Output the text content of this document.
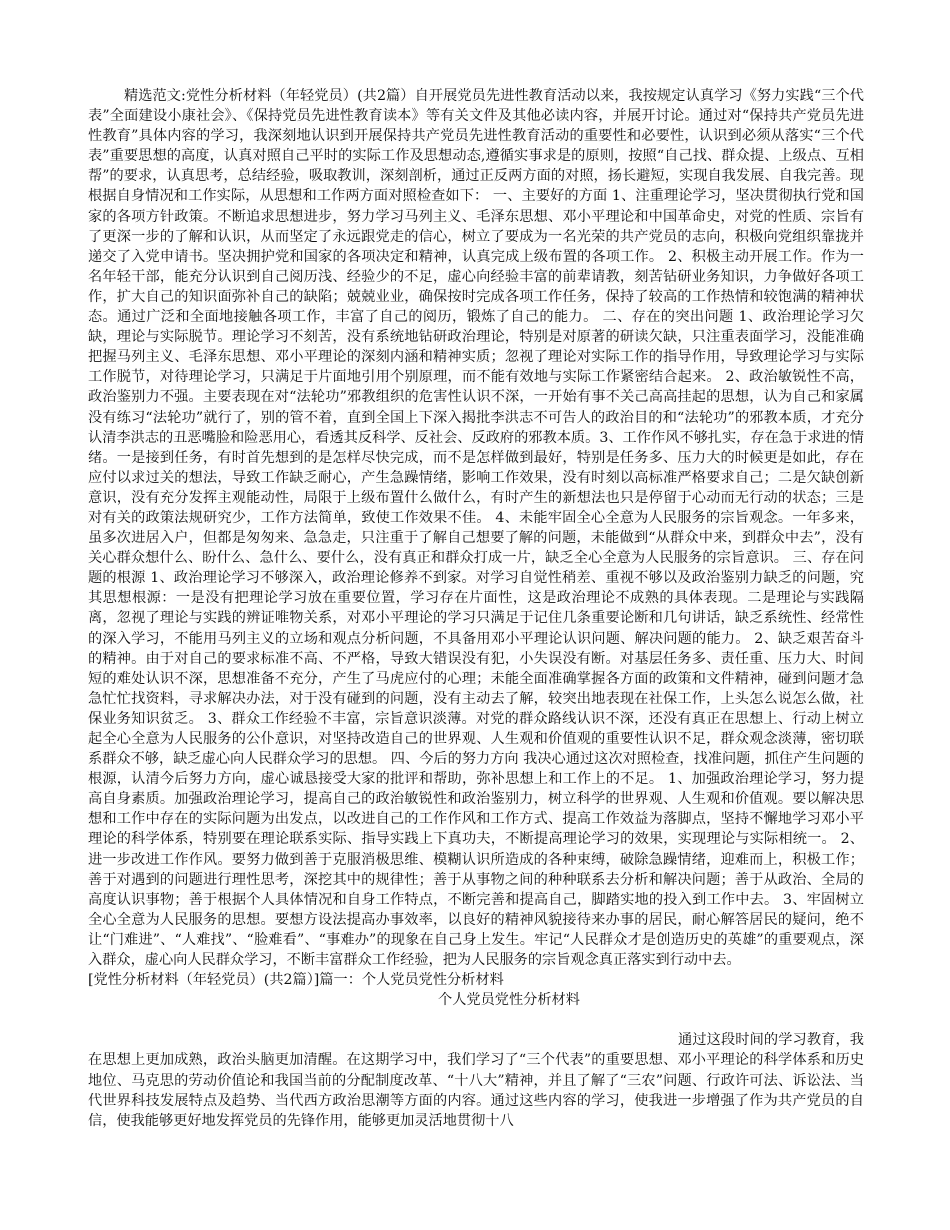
精选范文:党性分析材料（年轻党员）(共2篇）自开展党员先进性教育活动以来，我按规定认真学习《努力实践“三个代表”全面建设小康社会》、《保持党员先进性教育读本》等有关文件及其他必读内容，并展开讨论。通过对“保持共产党员先进性教育”具体内容的学习，我深刻地认识到开展保持共产党员先进性教育活动的重要性和必要性，认识到必须从落实“三个代表”重要思想的高度，认真对照自己平时的实际工作及思想动态,遵循实事求是的原则，按照“自己找、群众提、上级点、互相帮”的要求，认真思考，总结经验，吸取教训，深刻剖析，通过正反两方面的对照，扬长避短，实现自我发展、自我完善。现根据自身情况和工作实际，从思想和工作两方面对照检查如下： 一、主要好的方面 1、注重理论学习，坚决贯彻执行党和国家的各项方针政策。不断追求思想进步，努力学习马列主义、毛泽东思想、邓小平理论和中国革命史，对党的性质、宗旨有了更深一步的了解和认识，从而坚定了永远跟党走的信心，树立了要成为一名光荣的共产党员的志向，积极向党组织靠拢并递交了入党申请书。坚决拥护党和国家的各项决定和精神，认真完成上级布置的各项工作。 2、积极主动开展工作。作为一名年轻干部，能充分认识到自己阅历浅、经验少的不足，虚心向经验丰富的前辈请教，刻苦钻研业务知识，力争做好各项工作，扩大自己的知识面弥补自己的缺陷；兢兢业业，确保按时完成各项工作任务，保持了较高的工作热情和较饱满的精神状态。通过广泛和全面地接触各项工作，丰富了自己的阅历，锻炼了自己的能力。 二、存在的突出问题 1、政治理论学习欠缺，理论与实际脱节。理论学习不刻苦，没有系统地钻研政治理论，特别是对原著的研读欠缺，只注重表面学习，没能准确把握马列主义、毛泽东思想、邓小平理论的深刻内涵和精神实质；忽视了理论对实际工作的指导作用，导致理论学习与实际工作脱节，对待理论学习，只满足于片面地引用个别原理，而不能有效地与实际工作紧密结合起来。 2、政治敏锐性不高，政治鉴别力不强。主要表现在对“法轮功”邪教组织的危害性认识不深，一开始有事不关己高高挂起的思想，认为自己和家属没有练习“法轮功”就行了，别的管不着，直到全国上下深入揭批李洪志不可告人的政治目的和“法轮功”的邪教本质，才充分认清李洪志的丑恶嘴脸和险恶用心，看透其反科学、反社会、反政府的邪教本质。3、工作作风不够扎实，存在急于求进的情绪。一是接到任务，有时首先想到的是怎样尽快完成，而不是怎样做到最好，特别是任务多、压力大的时候更是如此，存在应付以求过关的想法，导致工作缺乏耐心，产生急躁情绪，影响工作效果，没有时刻以高标准严格要求自己；二是欠缺创新意识，没有充分发挥主观能动性，局限于上级布置什么做什么，有时产生的新想法也只是停留于心动而无行动的状态；三是对有关的政策法规研究少，工作方法简单，致使工作效果不佳。 4、未能牢固全心全意为人民服务的宗旨观念。一年多来，虽多次进居入户，但都是匆匆来、急急走，只注重于了解自己想要了解的问题，未能做到“从群众中来，到群众中去”，没有关心群众想什么、盼什么、急什么、要什么，没有真正和群众打成一片，缺乏全心全意为人民服务的宗旨意识。 三、存在问题的根源 1、政治理论学习不够深入，政治理论修养不到家。对学习自觉性稍差、重视不够以及政治鉴别力缺乏的问题，究其思想根源：一是没有把理论学习放在重要位置，学习存在片面性，这是政治理论不成熟的具体表现。二是理论与实践隔离，忽视了理论与实践的辨证唯物关系，对邓小平理论的学习只满足于记住几条重要论断和几句讲话，缺乏系统性、经常性的深入学习，不能用马列主义的立场和观点分析问题，不具备用邓小平理论认识问题、解决问题的能力。 2、缺乏艰苦奋斗的精神。由于对自己的要求标准不高、不严格，导致大错误没有犯，小失误没有断。对基层任务多、责任重、压力大、时间短的难处认识不深，思想准备不充分，产生了马虎应付的心理；未能全面准确掌握各方面的政策和文件精神，碰到问题才急急忙忙找资料，寻求解决办法，对于没有碰到的问题，没有主动去了解，较突出地表现在社保工作，上头怎么说怎么做，社保业务知识贫乏。 3、群众工作经验不丰富，宗旨意识淡薄。对党的群众路线认识不深，还没有真正在思想上、行动上树立起全心全意为人民服务的公仆意识，对坚持改造自己的世界观、人生观和价值观的重要性认识不足，群众观念淡薄，密切联系群众不够，缺乏虚心向人民群众学习的思想。 四、今后的努力方向 我决心通过这次对照检查，找准问题，抓住产生问题的根源，认清今后努力方向，虚心诚恳接受大家的批评和帮助，弥补思想上和工作上的不足。 1、加强政治理论学习，努力提高自身素质。加强政治理论学习，提高自己的政治敏锐性和政治鉴别力，树立科学的世界观、人生观和价值观。要以解决思想和工作中存在的实际问题为出发点，以改进自己的工作作风和工作方式、提高工作效益为落脚点，坚持不懈地学习邓小平理论的科学体系，特别要在理论联系实际、指导实践上下真功夫，不断提高理论学习的效果，实现理论与实际相统一。 2、进一步改进工作作风。要努力做到善于克服消极思维、模糊认识所造成的各种束缚，破除急躁情绪，迎难而上，积极工作；善于对遇到的问题进行理性思考，深挖其中的规律性；善于从事物之间的种种联系去分析和解决问题；善于从政治、全局的高度认识事物；善于根据个人具体情况和自身工作特点，不断完善和提高自己，脚踏实地的投入到工作中去。 3、牢固树立全心全意为人民服务的思想。要想方设法提高办事效率，以良好的精神风貌接待来办事的居民，耐心解答居民的疑问，绝不让“门难进”、“人难找”、“脸难看”、“事难办”的现象在自己身上发生。牢记“人民群众才是创造历史的英雄”的重要观点，深入群众，虚心向人民群众学习，不断丰富群众工作经验，把为人民服务的宗旨观念真正落实到行动中去。

[党性分析材料（年轻党员）(共2篇）]篇一：个人党员党性分析材料

个人党员党性分析材料

通过这段时间的学习教育，我在思想上更加成熟，政治头脑更加清醒。在这期学习中，我们学习了“三个代表”的重要思想、邓小平理论的科学体系和历史地位、马克思的劳动价值论和我国当前的分配制度改革、“十八大”精神，并且了解了“三农”问题、行政许可法、诉讼法、当代世界科技发展特点及趋势、当代西方政治思潮等方面的内容。通过这些内容的学习，使我进一步增强了作为共产党员的自信，使我能够更好地发挥党员的先锋作用，能够更加灵活地贯彻十八
